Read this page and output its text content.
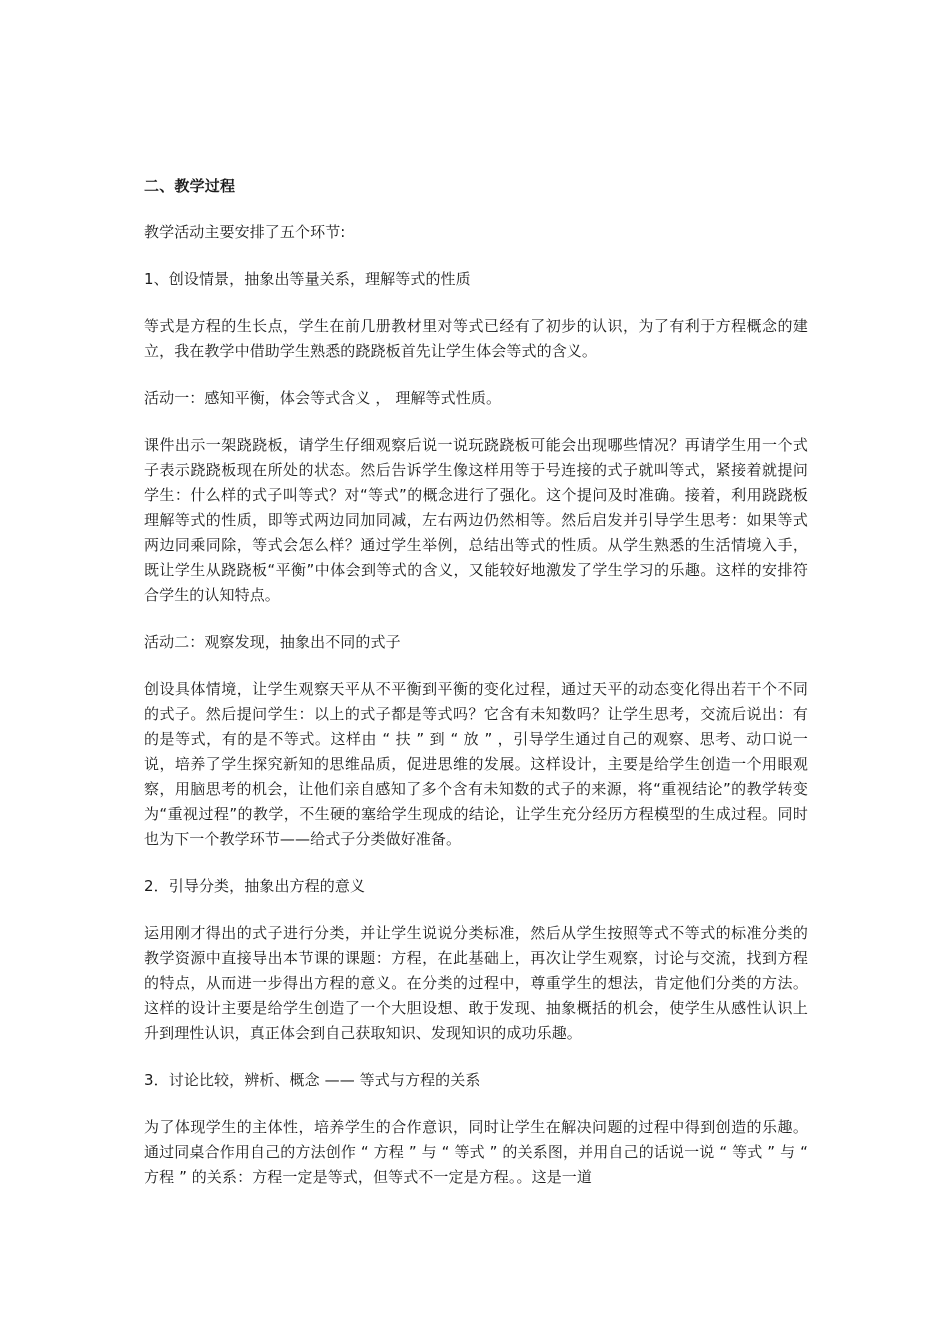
二、教学过程

教学活动主要安排了五个环节:

1、创设情景，抽象出等量关系，理解等式的性质

等式是方程的生长点，学生在前几册教材里对等式已经有了初步的认识，为了有利于方程概念的建立，我在教学中借助学生熟悉的跷跷板首先让学生体会等式的含义。

活动一：感知平衡，体会等式含义 ， 理解等式性质。

课件出示一架跷跷板，请学生仔细观察后说一说玩跷跷板可能会出现哪些情况？再请学生用一个式子表示跷跷板现在所处的状态。然后告诉学生像这样用等于号连接的式子就叫等式，紧接着就提问学生：什么样的式子叫等式？对“等式”的概念进行了强化。这个提问及时准确。接着，利用跷跷板理解等式的性质，即等式两边同加同减，左右两边仍然相等。然后启发并引导学生思考：如果等式两边同乘同除，等式会怎么样？通过学生举例，总结出等式的性质。从学生熟悉的生活情境入手，既让学生从跷跷板“平衡”中体会到等式的含义，又能较好地激发了学生学习的乐趣。这样的安排符合学生的认知特点。

活动二：观察发现，抽象出不同的式子

创设具体情境，让学生观察天平从不平衡到平衡的变化过程，通过天平的动态变化得出若干个不同的式子。然后提问学生：以上的式子都是等式吗？它含有未知数吗？让学生思考，交流后说出：有的是等式，有的是不等式。这样由 “ 扶 ” 到 “ 放 ” ，引导学生通过自己的观察、思考、动口说一说，培养了学生探究新知的思维品质，促进思维的发展。这样设计，主要是给学生创造一个用眼观察，用脑思考的机会，让他们亲自感知了多个含有未知数的式子的来源，将“重视结论”的教学转变为“重视过程”的教学，不生硬的塞给学生现成的结论，让学生充分经历方程模型的生成过程。同时也为下一个教学环节——给式子分类做好准备。

2．引导分类，抽象出方程的意义

运用刚才得出的式子进行分类，并让学生说说分类标准，然后从学生按照等式不等式的标准分类的教学资源中直接导出本节课的课题：方程，在此基础上，再次让学生观察，讨论与交流，找到方程的特点，从而进一步得出方程的意义。在分类的过程中，尊重学生的想法，肯定他们分类的方法。这样的设计主要是给学生创造了一个大胆设想、敢于发现、抽象概括的机会，使学生从感性认识上升到理性认识，真正体会到自己获取知识、发现知识的成功乐趣。

3．讨论比较，辨析、概念 —— 等式与方程的关系

为了体现学生的主体性，培养学生的合作意识，同时让学生在解决问题的过程中得到创造的乐趣。通过同桌合作用自己的方法创作 “ 方程 ” 与 “ 等式 ” 的关系图，并用自己的话说一说 “ 等式 ” 与 “ 方程 ” 的关系：方程一定是等式，但等式不一定是方程。。这是一道
